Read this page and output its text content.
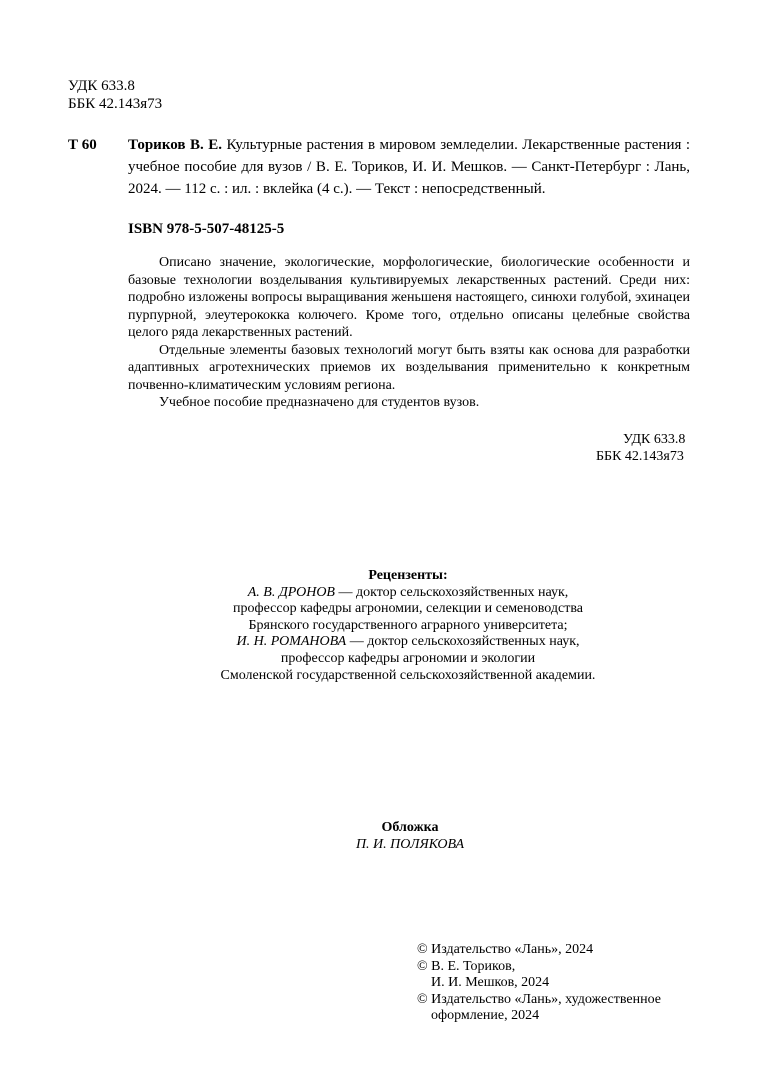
УДК 633.8
ББК 42.143я73
Т 60 Ториков В. Е. Культурные растения в мировом земледелии. Лекарственные растения : учебное пособие для вузов / В. Е. Ториков, И. И. Мешков. — Санкт-Петербург : Лань, 2024. — 112 с. : ил. : вклейка (4 с.). — Текст : непосредственный.
ISBN 978-5-507-48125-5

Описано значение, экологические, морфологические, биологические особенности и базовые технологии возделывания культивируемых лекарственных растений. Среди них: подробно изложены вопросы выращивания женьшеня настоящего, синюхи голубой, эхинацеи пурпурной, элеутерококка колючего. Кроме того, отдельно описаны целебные свойства целого ряда лекарственных растений.

Отдельные элементы базовых технологий могут быть взяты как основа для разработки адаптивных агротехнических приемов их возделывания применительно к конкретным почвенно-климатическим условиям региона.

Учебное пособие предназначено для студентов вузов.

УДК 633.8
ББК 42.143я73
Рецензенты:
А. В. ДРОНОВ — доктор сельскохозяйственных наук,
профессор кафедры агрономии, селекции и семеноводства
Брянского государственного аграрного университета;
И. Н. РОМАНОВА — доктор сельскохозяйственных наук,
профессор кафедры агрономии и экологии
Смоленской государственной сельскохозяйственной академии.
Обложка
П. И. ПОЛЯКОВА
© Издательство «Лань», 2024
© В. Е. Ториков,
И. И. Мешков, 2024
© Издательство «Лань», художественное
оформление, 2024
